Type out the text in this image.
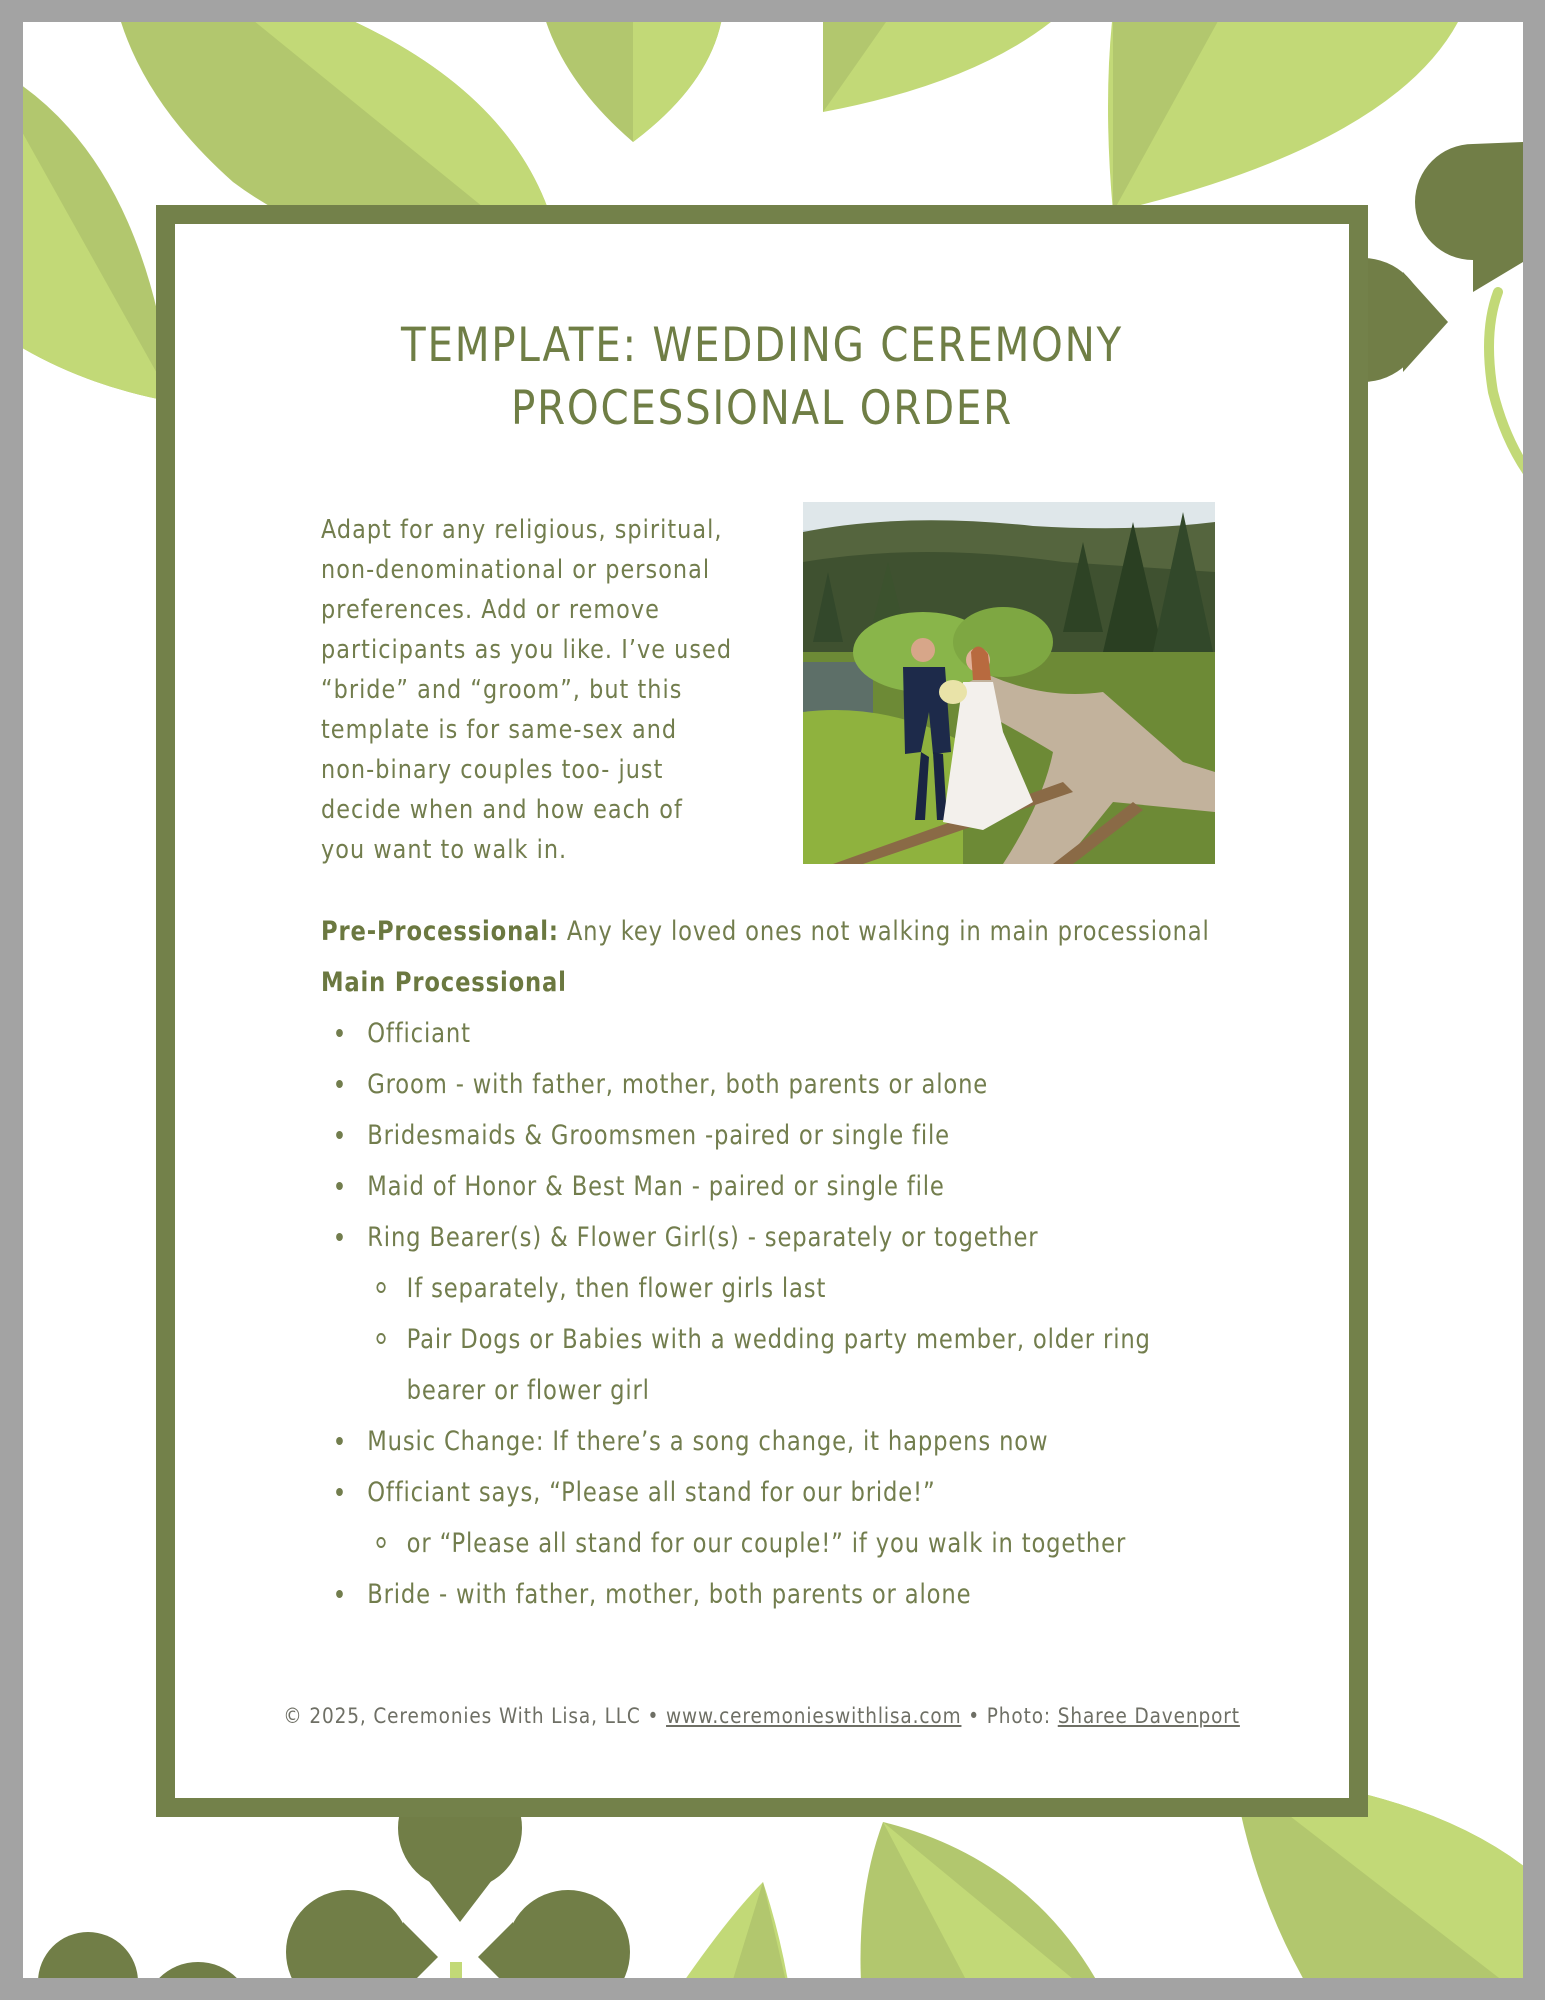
TEMPLATE: WEDDING CEREMONY
PROCESSIONAL ORDER

Adapt for any religious, spiritual, non-denominational or personal preferences. Add or remove participants as you like. I’ve used “bride” and “groom”, but this template is for same-sex and non-binary couples too- just decide when and how each of you want to walk in.

Pre-Processional: Any key loved ones not walking in main processional
Main Processional
Officiant
Groom - with father, mother, both parents or alone
Bridesmaids & Groomsmen -paired or single file
Maid of Honor & Best Man - paired or single file
Ring Bearer(s) & Flower Girl(s) - separately or together
If separately, then flower girls last
Pair Dogs or Babies with a wedding party member, older ring
bearer or flower girl
Music Change: If there’s a song change, it happens now
Officiant says, “Please all stand for our bride!”
or “Please all stand for our couple!” if you walk in together
Bride - with father, mother, both parents or alone
© 2025, Ceremonies With Lisa, LLC • www.ceremonieswithlisa.com • Photo: Sharee Davenport
